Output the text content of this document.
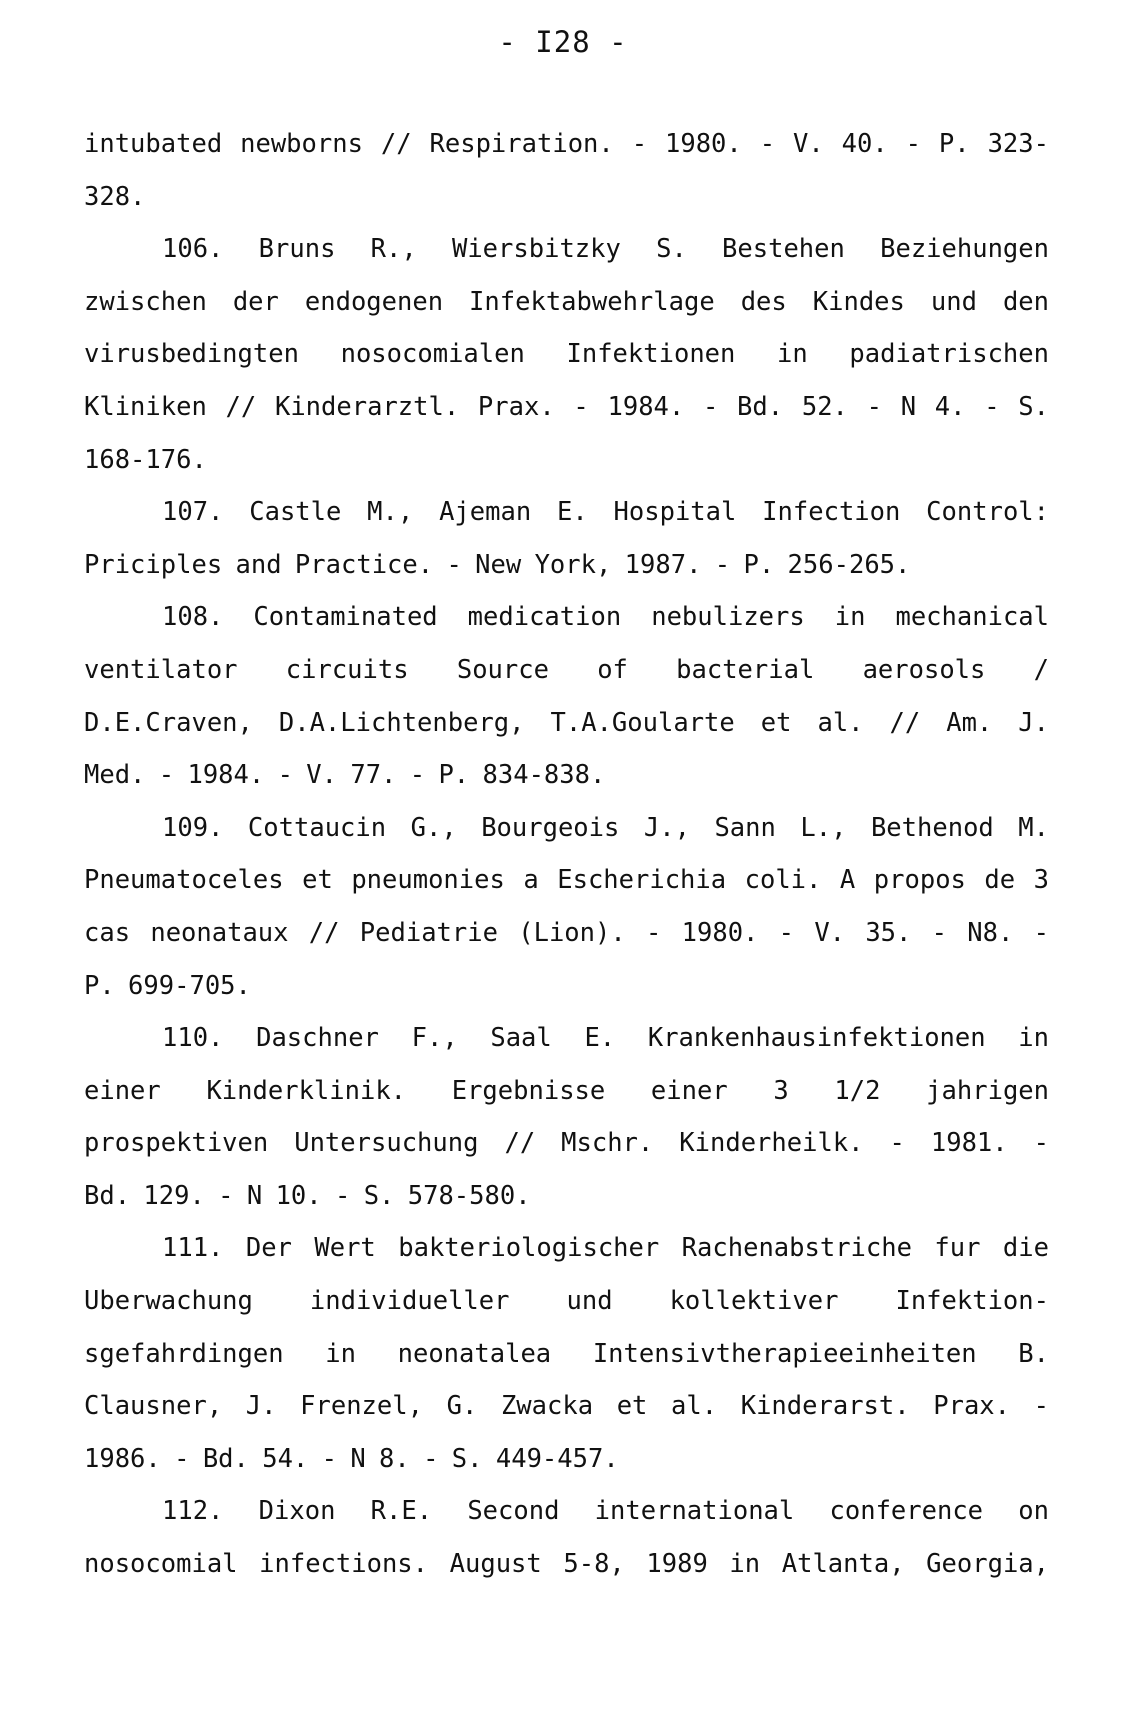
- I28 -
intubated newborns // Respiration. - 1980. - V. 40. - P. 323-
328.
106. Bruns R., Wiersbitzky S. Bestehen Beziehungen
zwischen der endogenen Infektabwehrlage des Kindes und den
virusbedingten nosocomialen Infektionen in padiatrischen
Kliniken // Kinderarztl. Prax. - 1984. - Bd. 52. - N 4. - S.
168-176.
107. Castle M., Ajeman E. Hospital Infection Control:
Priciples and Practice. - New York, 1987. - P. 256-265.
108. Contaminated medication nebulizers in mechanical
ventilator circuits Source of bacterial aerosols /
D.E.Craven, D.A.Lichtenberg, T.A.Goularte et al. // Am. J.
Med. - 1984. - V. 77. - P. 834-838.
109. Cottaucin G., Bourgeois J., Sann L., Bethenod M.
Pneumatoceles et pneumonies a Escherichia coli. A propos de 3
cas neonataux // Pediatrie (Lion). - 1980. - V. 35. - N8. -
P. 699-705.
110. Daschner F., Saal E. Krankenhausinfektionen in
einer Kinderklinik. Ergebnisse einer 3 1/2 jahrigen
prospektiven Untersuchung // Mschr. Kinderheilk. - 1981. -
Bd. 129. - N 10. - S. 578-580.
111. Der Wert bakteriologischer Rachenabstriche fur die
Uberwachung individueller und kollektiver Infektion-
sgefahrdingen in neonatalea Intensivtherapieeinheiten B.
Clausner, J. Frenzel, G. Zwacka et al. Kinderarst. Prax. -
1986. - Bd. 54. - N 8. - S. 449-457.
112. Dixon R.E. Second international conference on
nosocomial infections. August 5-8, 1989 in Atlanta, Georgia,
